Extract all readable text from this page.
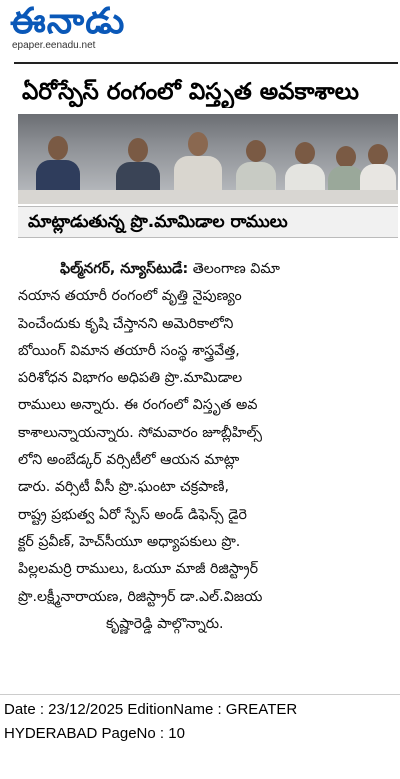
ఈనాడు
epaper.eenadu.net
ఏరోస్పేస్ రంగంలో విస్తృత అవకాశాలు
మాట్లాడుతున్న ప్రొ.మామిడాల రాములు
ఫిల్మ్‌నగర్, న్యూస్‌టుడే: తెలంగాణ విమా
నయాన తయారీ రంగంలో వృత్తి నైపుణ్యం
పెంచేందుకు కృషి చేస్తానని అమెరికాలోని
బోయింగ్ విమాన తయారీ సంస్థ శాస్త్రవేత్త,
పరిశోధన విభాగం అధిపతి ప్రొ.మామిడాల
రాములు అన్నారు. ఈ రంగంలో విస్తృత అవ
కాశాలున్నాయన్నారు. సోమవారం జూబ్లీహిల్స్
లోని అంబేడ్కర్ వర్సిటీలో ఆయన మాట్లా
డారు. వర్సిటీ వీసీ ప్రొ.ఘంటా చక్రపాణి,
రాష్ట్ర ప్రభుత్వ ఏరో స్పేస్ అండ్ డిఫెన్స్ డైరె
క్టర్ ప్రవీణ్, హెచ్‌సీయూ అధ్యాపకులు ప్రొ.
పిల్లలమర్రి రాములు, ఓయూ మాజీ రిజిస్ట్రార్
ప్రొ.లక్ష్మీనారాయణ, రిజిస్ట్రార్ డా.ఎల్.విజయ
కృష్ణారెడ్డి పాల్గొన్నారు.
Date : 23/12/2025 EditionName : GREATER
HYDERABAD PageNo : 10
